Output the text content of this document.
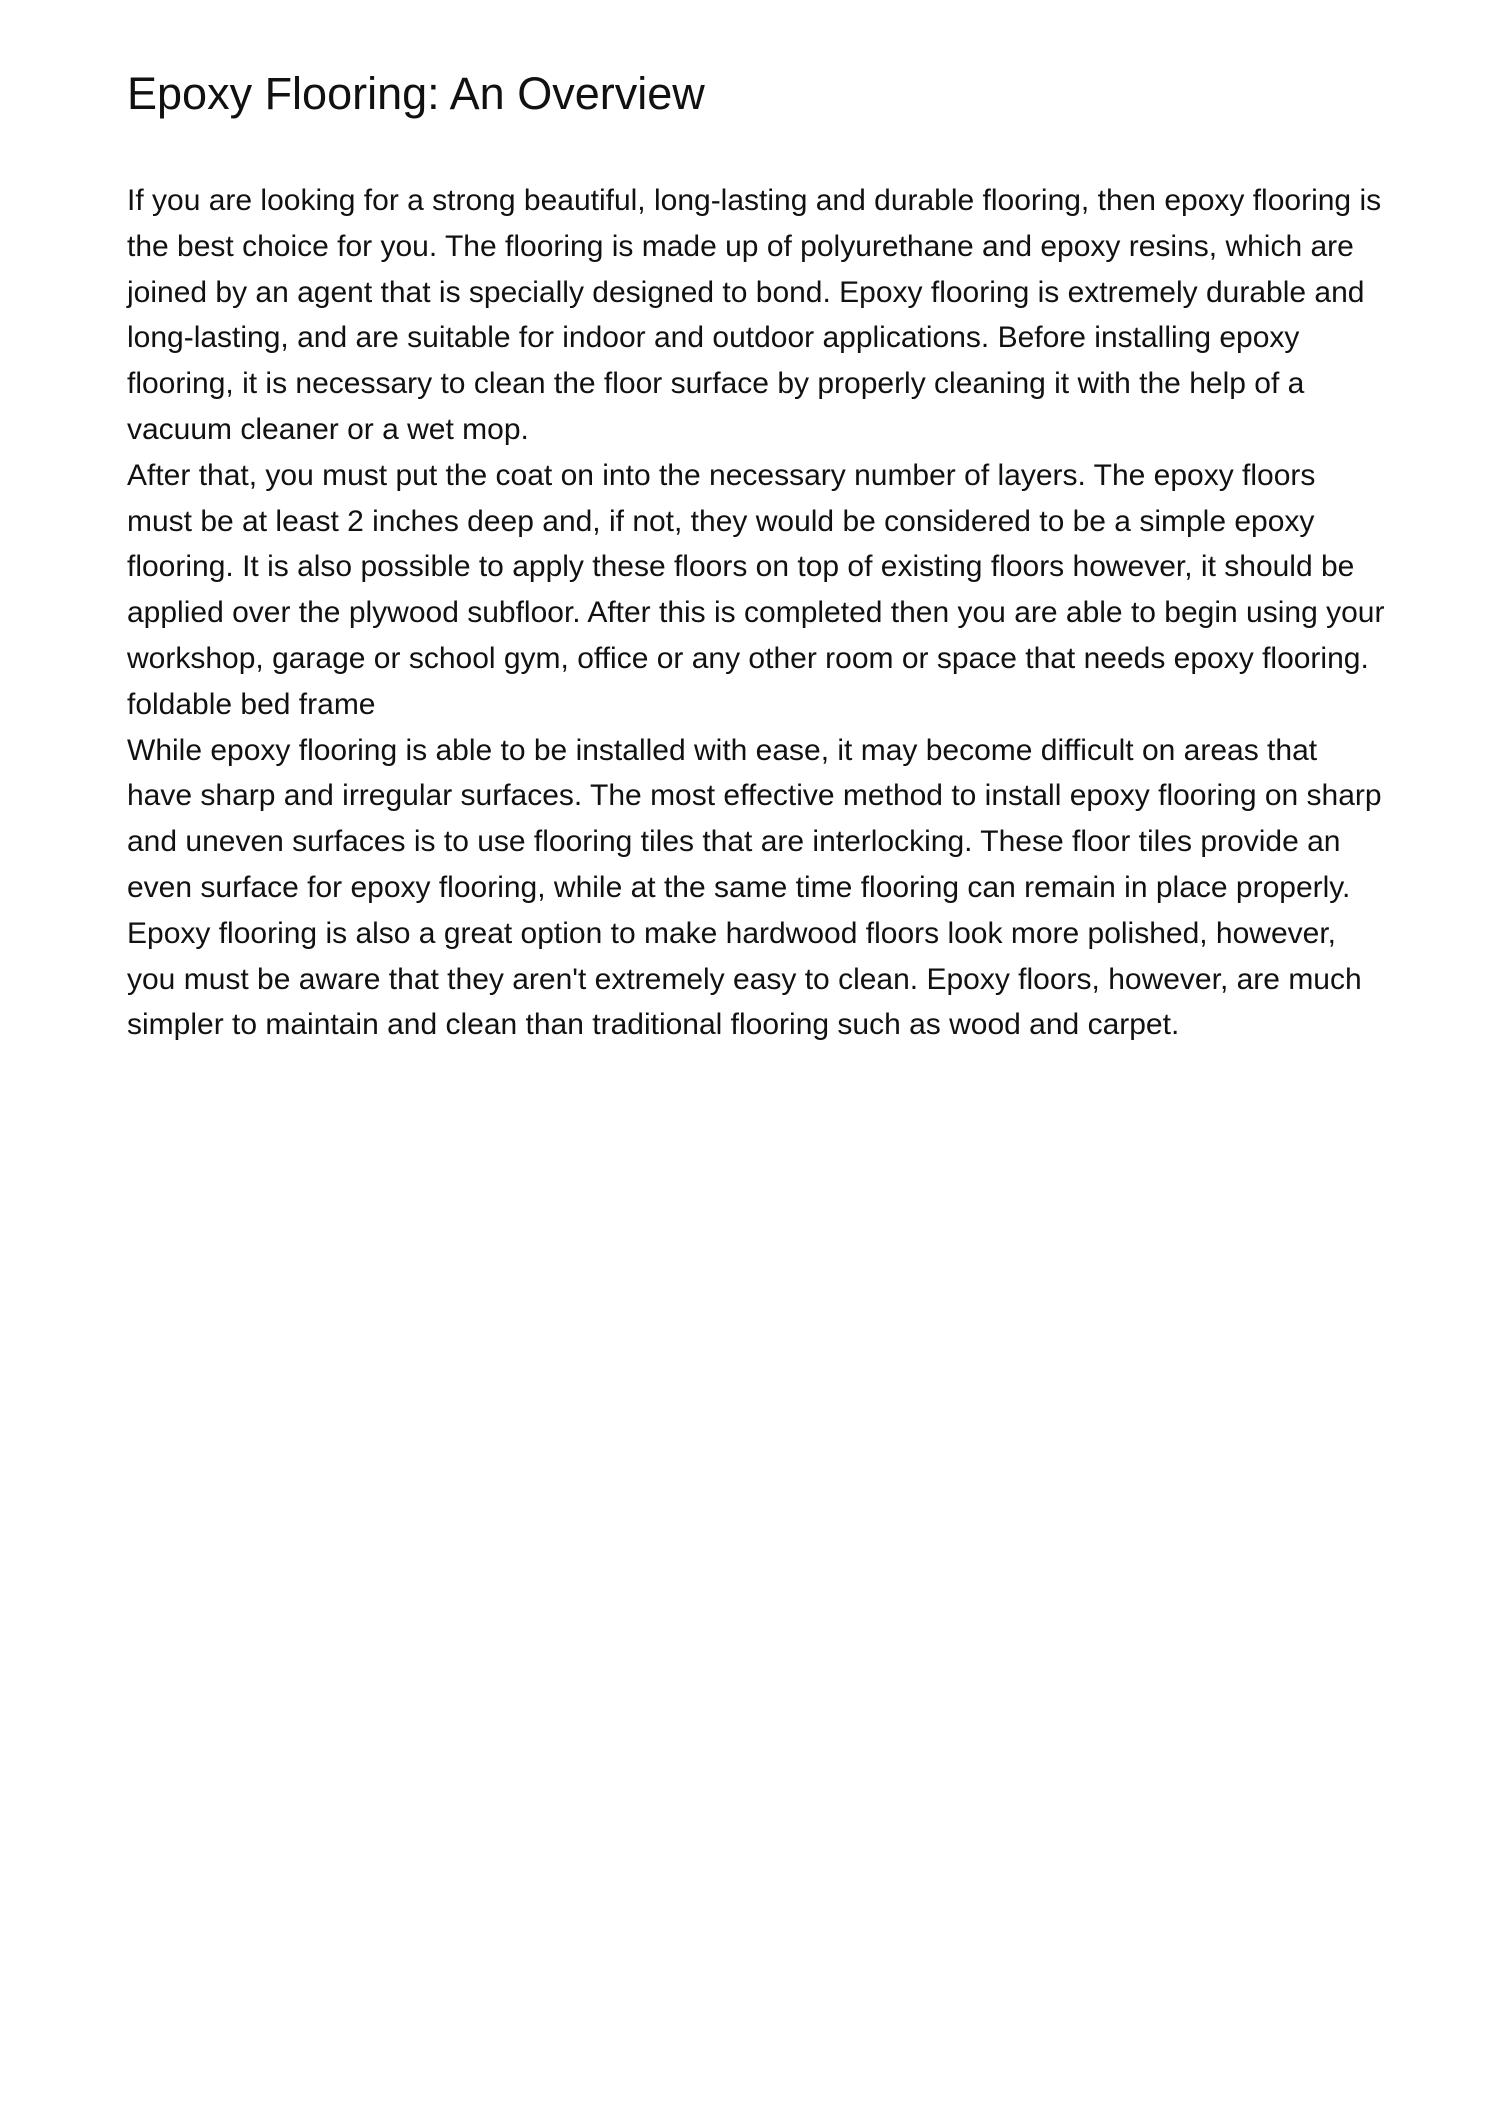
Epoxy Flooring: An Overview

If you are looking for a strong beautiful, long-lasting and durable flooring, then epoxy flooring is the best choice for you. The flooring is made up of polyurethane and epoxy resins, which are joined by an agent that is specially designed to bond. Epoxy flooring is extremely durable and long-lasting, and are suitable for indoor and outdoor applications. Before installing epoxy flooring, it is necessary to clean the floor surface by properly cleaning it with the help of a vacuum cleaner or a wet mop.

After that, you must put the coat on into the necessary number of layers. The epoxy floors must be at least 2 inches deep and, if not, they would be considered to be a simple epoxy flooring. It is also possible to apply these floors on top of existing floors however, it should be applied over the plywood subfloor. After this is completed then you are able to begin using your workshop, garage or school gym, office or any other room or space that needs epoxy flooring.

foldable bed frame

While epoxy flooring is able to be installed with ease, it may become difficult on areas that have sharp and irregular surfaces. The most effective method to install epoxy flooring on sharp and uneven surfaces is to use flooring tiles that are interlocking. These floor tiles provide an even surface for epoxy flooring, while at the same time flooring can remain in place properly. Epoxy flooring is also a great option to make hardwood floors look more polished, however, you must be aware that they aren't extremely easy to clean. Epoxy floors, however, are much simpler to maintain and clean than traditional flooring such as wood and carpet.
